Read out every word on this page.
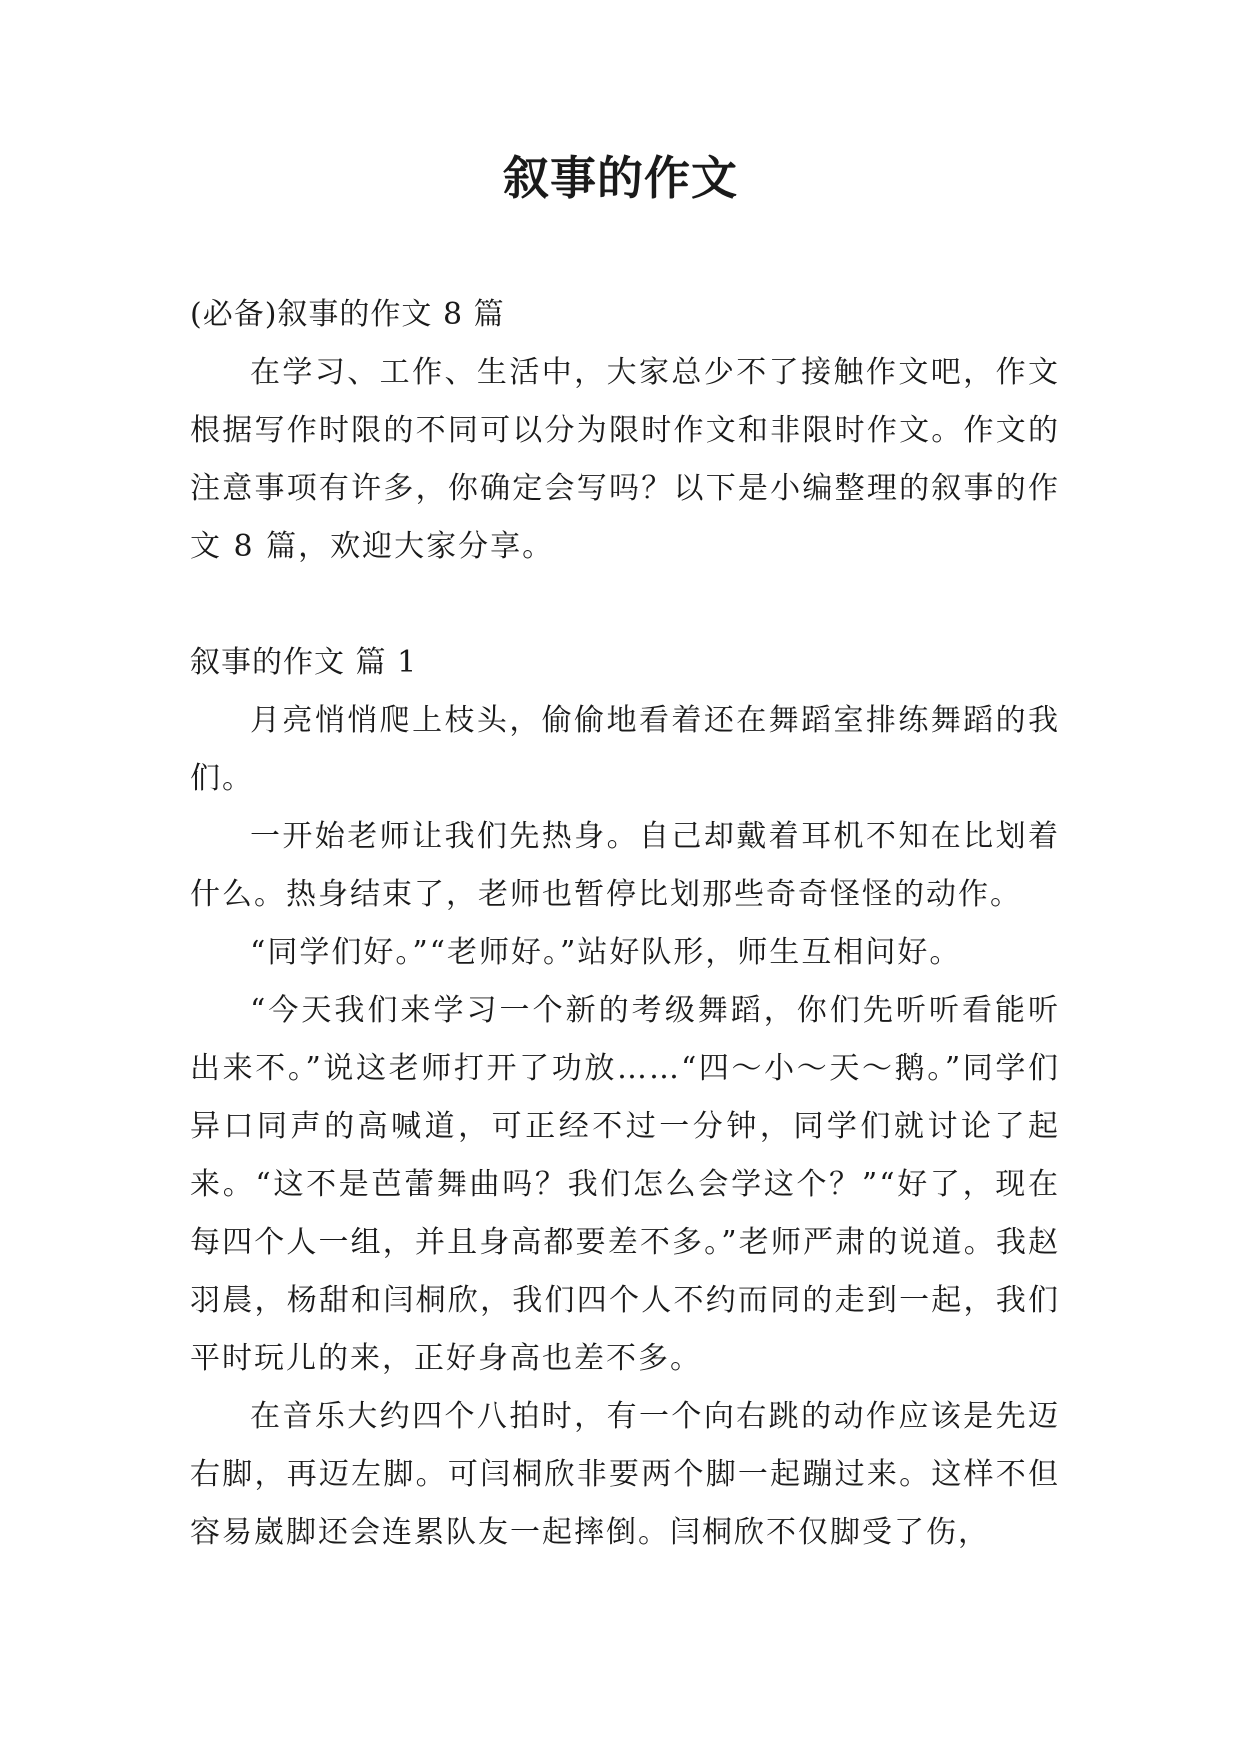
叙事的作文

(必备)叙事的作文 8 篇

在学习、工作、生活中，大家总少不了接触作文吧，作文根据写作时限的不同可以分为限时作文和非限时作文。作文的注意事项有许多，你确定会写吗？以下是小编整理的叙事的作文 8 篇，欢迎大家分享。

叙事的作文 篇 1

月亮悄悄爬上枝头，偷偷地看着还在舞蹈室排练舞蹈的我们。

一开始老师让我们先热身。自己却戴着耳机不知在比划着什么。热身结束了，老师也暂停比划那些奇奇怪怪的动作。

“同学们好。”“老师好。”站好队形，师生互相问好。

“今天我们来学习一个新的考级舞蹈，你们先听听看能听出来不。”说这老师打开了功放……“四～小～天～鹅。”同学们异口同声的高喊道，可正经不过一分钟，同学们就讨论了起来。“这不是芭蕾舞曲吗？我们怎么会学这个？”“好了，现在每四个人一组，并且身高都要差不多。”老师严肃的说道。我赵羽晨，杨甜和闫桐欣，我们四个人不约而同的走到一起，我们平时玩儿的来，正好身高也差不多。

在音乐大约四个八拍时，有一个向右跳的动作应该是先迈右脚，再迈左脚。可闫桐欣非要两个脚一起蹦过来。这样不但容易崴脚还会连累队友一起摔倒。闫桐欣不仅脚受了伤，
